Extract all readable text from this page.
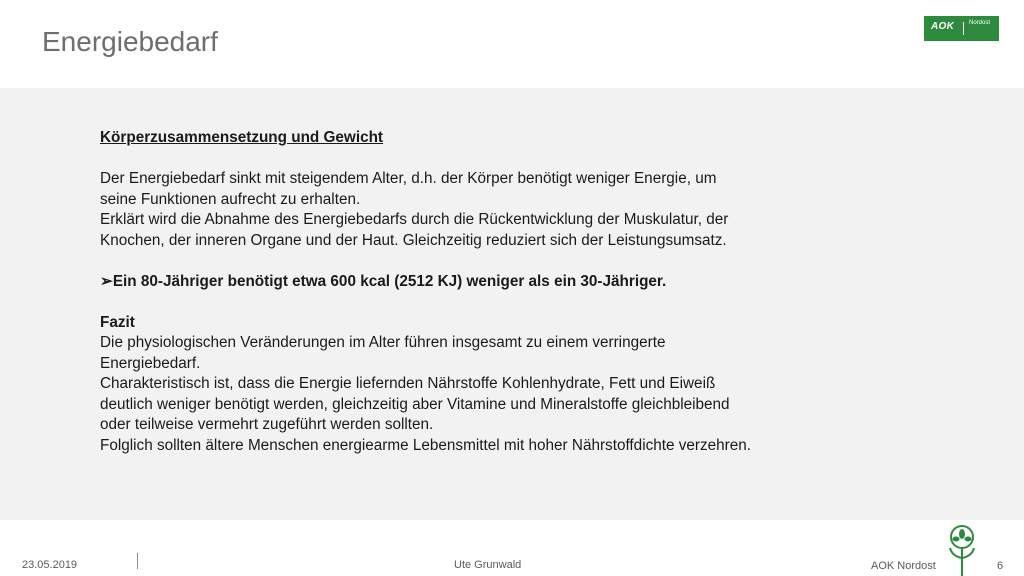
Energiebedarf	AOK Nordost

Körperzusammensetzung und Gewicht

Der Energiebedarf sinkt mit steigendem Alter, d.h. der Körper benötigt weniger Energie, um

seine Funktionen aufrecht zu erhalten.

Erklärt wird die Abnahme des Energiebedarfs durch die Rückentwicklung der Muskulatur, der

Knochen, der inneren Organe und der Haut. Gleichzeitig reduziert sich der Leistungsumsatz.

➢Ein 80-Jähriger benötigt etwa 600 kcal (2512 KJ) weniger als ein 30-Jähriger.

Fazit

Die physiologischen Veränderungen im Alter führen insgesamt zu einem verringerte

Energiebedarf.

Charakteristisch ist, dass die Energie liefernden Nährstoffe Kohlenhydrate, Fett und Eiweiß

deutlich weniger benötigt werden, gleichzeitig aber Vitamine und Mineralstoffe gleichbleibend

oder teilweise vermehrt zugeführt werden sollten.

Folglich sollten ältere Menschen energiearme Lebensmittel mit hoher Nährstoffdichte verzehren.

23.05.2019	Ute Grunwald	AOK Nordost	6
